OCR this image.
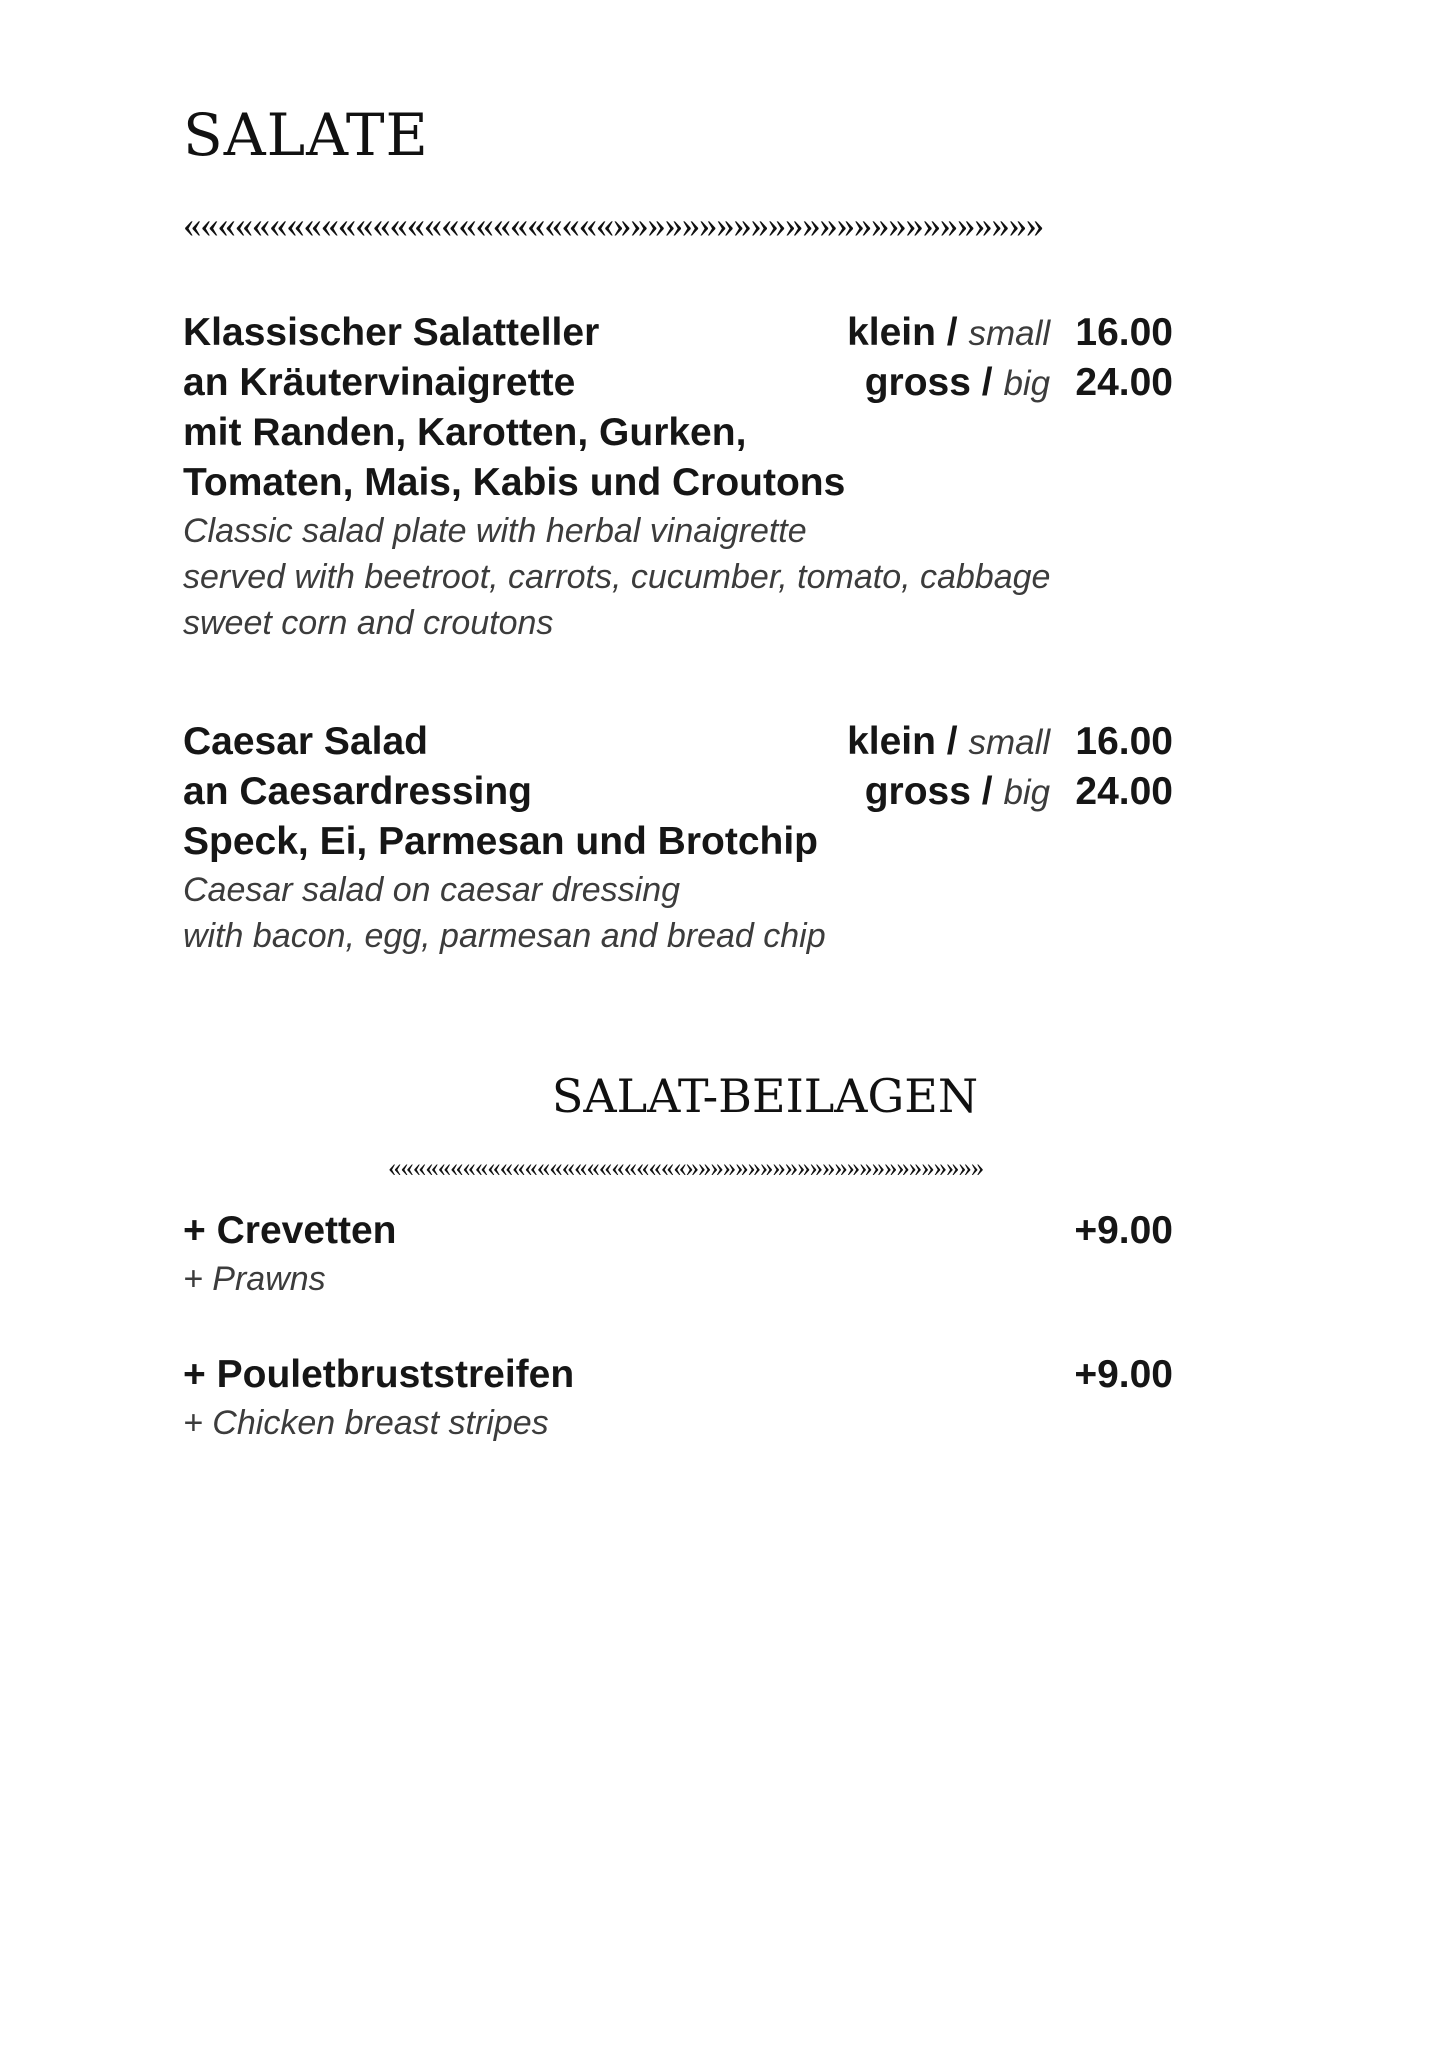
SALATE
«««««««««««««««««««««««««»»»»»»»»»»»»»»»»»»»»»»»»»
Klassischer Salatteller	klein / small 16.00
an Kräutervinaigrette	gross / big 24.00
mit Randen, Karotten, Gurken,
Tomaten, Mais, Kabis und Croutons
Classic salad plate with herbal vinaigrette
served with beetroot, carrots, cucumber, tomato, cabbage
sweet corn and croutons
Caesar Salad	klein / small 16.00
an Caesardressing	gross / big 24.00
Speck, Ei, Parmesan und Brotchip
Caesar salad on caesar dressing
with bacon, egg, parmesan and bread chip
SALAT-BEILAGEN
««««««««««««««««««««««««»»»»»»»»»»»»»»»»»»»»»»»»
+ Crevetten	+9.00
+ Prawns
+ Pouletbruststreifen	+9.00
+ Chicken breast stripes
